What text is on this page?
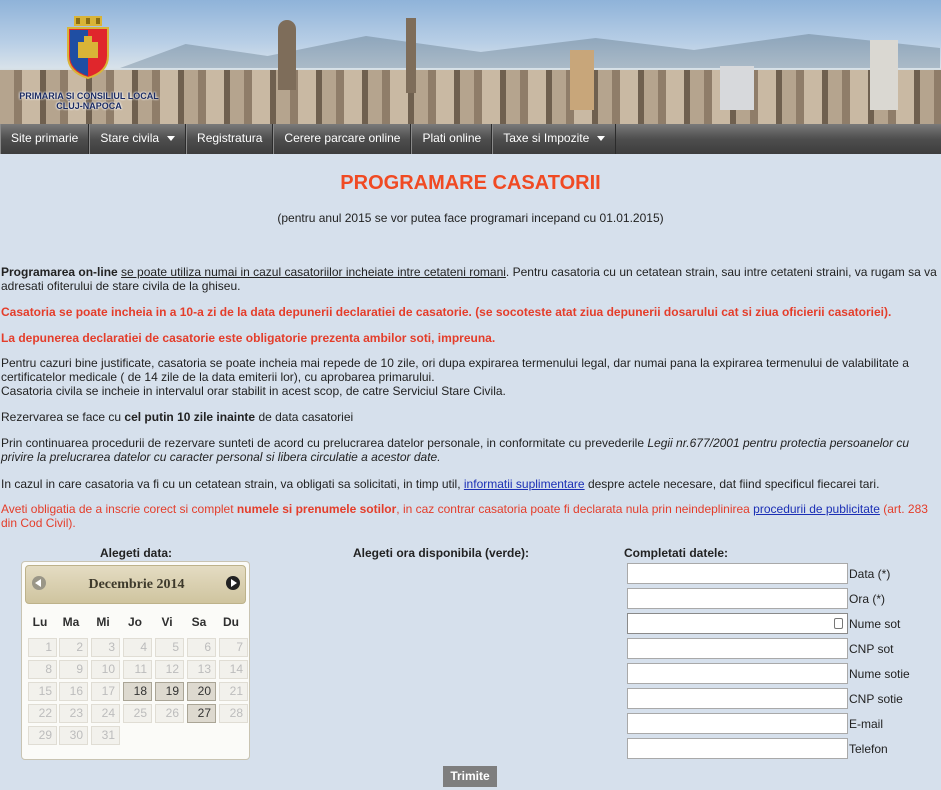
PRIMARIA ȘI CONSILIUL LOCAL
CLUJ-NAPOCA
Site primarie	Stare civila	Registratura	Cerere parcare online	Plati online	Taxe si Impozite
PROGRAMARE CASATORII
(pentru anul 2015 se vor putea face programari incepand cu 01.01.2015)
Programarea on-line se poate utiliza numai in cazul casatoriilor incheiate intre cetateni romani. Pentru casatoria cu un cetatean strain, sau intre cetateni straini, va rugam sa va adresati ofiterului de stare civila de la ghiseu.
Casatoria se poate incheia in a 10-a zi de la data depunerii declaratiei de casatorie. (se socoteste atat ziua depunerii dosarului cat si ziua oficierii casatoriei).
La depunerea declaratiei de casatorie este obligatorie prezenta ambilor soti, impreuna.
Pentru cazuri bine justificate, casatoria se poate incheia mai repede de 10 zile, ori dupa expirarea termenului legal, dar numai pana la expirarea termenului de valabilitate a certificatelor medicale ( de 14 zile de la data emiterii lor), cu aprobarea primarului.
Casatoria civila se incheie in intervalul orar stabilit in acest scop, de catre Serviciul Stare Civila.
Rezervarea se face cu cel putin 10 zile inainte de data casatoriei
Prin continuarea procedurii de rezervare sunteti de acord cu prelucrarea datelor personale, in conformitate cu prevederile Legii nr.677/2001 pentru protectia persoanelor cu privire la prelucrarea datelor cu caracter personal si libera circulatie a acestor date.
In cazul in care casatoria va fi cu un cetatean strain, va obligati sa solicitati, in timp util, informatii suplimentare despre actele necesare, dat fiind specificul fiecarei tari.
Aveti obligatia de a inscrie corect si complet numele si prenumele sotilor, in caz contrar casatoria poate fi declarata nula prin neindeplinirea procedurii de publicitate (art. 283 din Cod Civil).
Alegeti data:	Alegeti ora disponibila (verde):	Completati datele:
Decembrie 2014
Lu	Ma	Mi	Jo	Vi	Sa	Du
1	2	3	4	5	6	7
8	9	10	11	12	13	14
15	16	17	18	19	20	21
22	23	24	25	26	27	28
29	30	31
Data (*)
Ora (*)
Nume sot
CNP sot
Nume sotie
CNP sotie
E-mail
Telefon
Trimite
